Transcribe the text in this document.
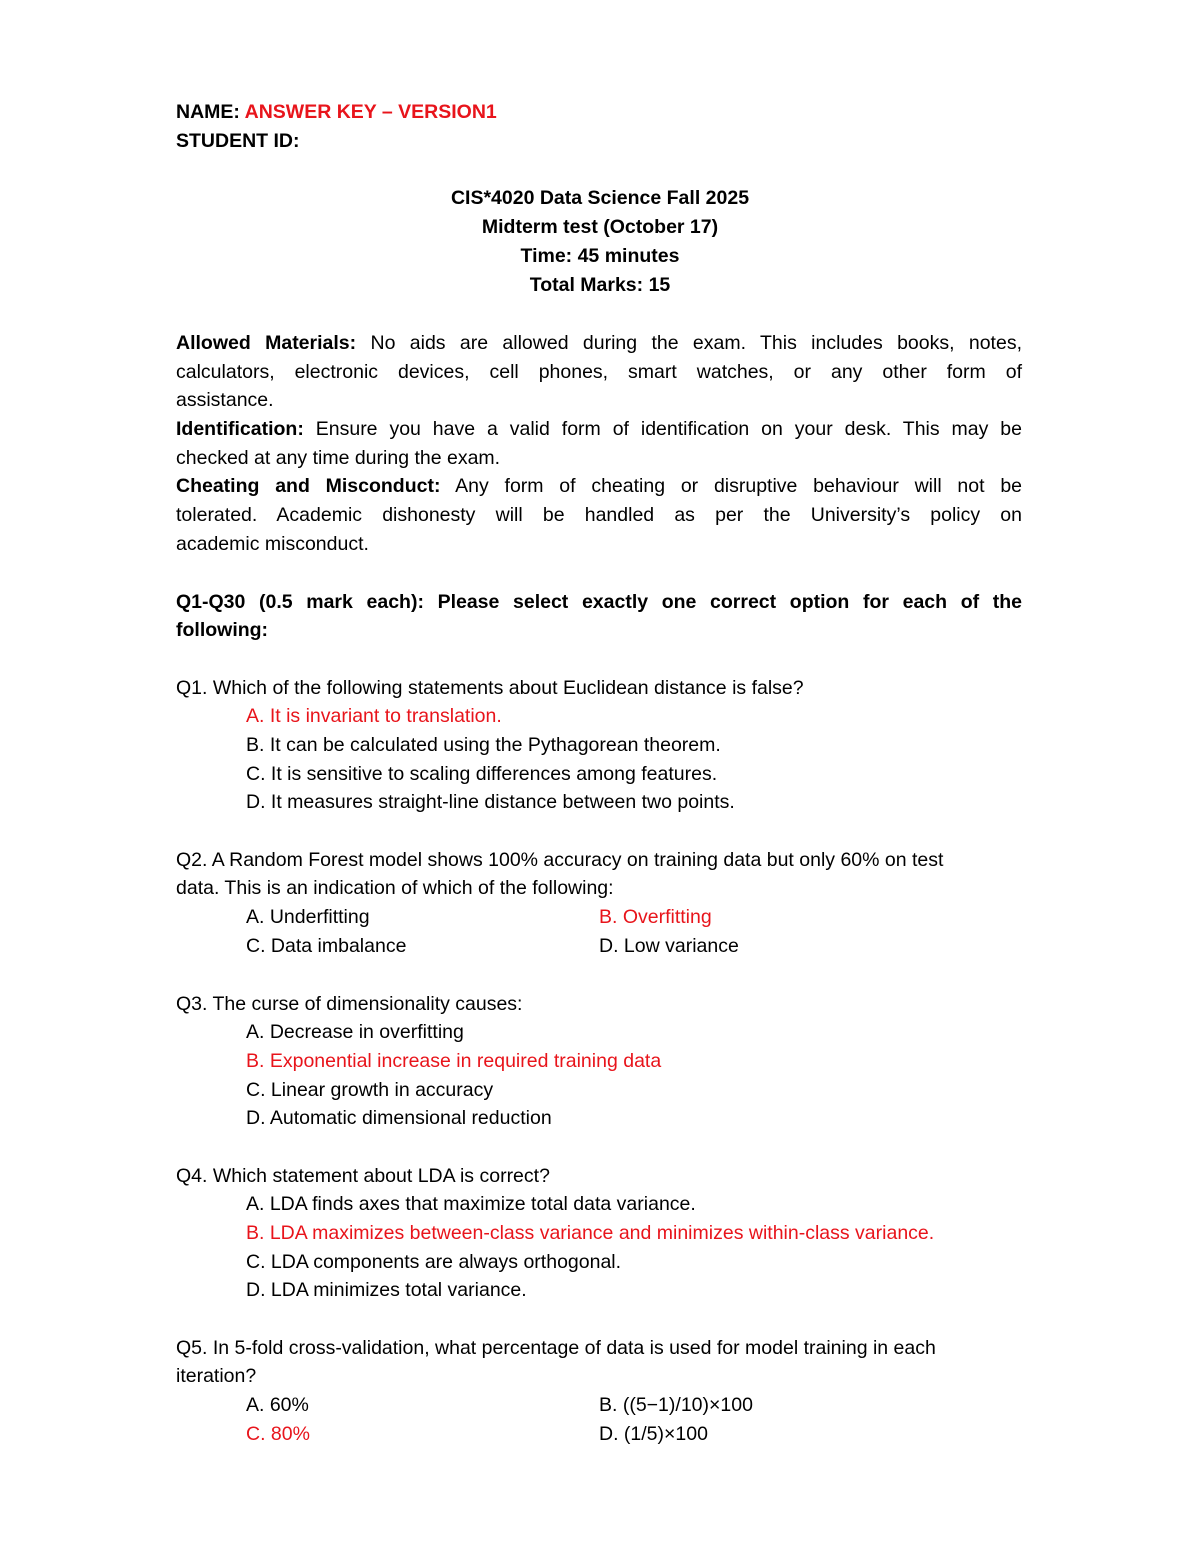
NAME: ANSWER KEY – VERSION1
STUDENT ID:
CIS*4020 Data Science Fall 2025
Midterm test (October 17)
Time: 45 minutes
Total Marks: 15
Allowed Materials: No aids are allowed during the exam. This includes books, notes,
calculators, electronic devices, cell phones, smart watches, or any other form of
assistance.
Identification: Ensure you have a valid form of identification on your desk. This may be
checked at any time during the exam.
Cheating and Misconduct: Any form of cheating or disruptive behaviour will not be
tolerated. Academic dishonesty will be handled as per the University’s policy on
academic misconduct.
Q1-Q30 (0.5 mark each): Please select exactly one correct option for each of the
following:
Q1. Which of the following statements about Euclidean distance is false?
A. It is invariant to translation.
B. It can be calculated using the Pythagorean theorem.
C. It is sensitive to scaling differences among features.
D. It measures straight-line distance between two points.
Q2. A Random Forest model shows 100% accuracy on training data but only 60% on test
data. This is an indication of which of the following:
A. Underfitting	B. Overfitting
C. Data imbalance	D. Low variance
Q3. The curse of dimensionality causes:
A. Decrease in overfitting
B. Exponential increase in required training data
C. Linear growth in accuracy
D. Automatic dimensional reduction
Q4. Which statement about LDA is correct?
A. LDA finds axes that maximize total data variance.
B. LDA maximizes between-class variance and minimizes within-class variance.
C. LDA components are always orthogonal.
D. LDA minimizes total variance.
Q5. In 5-fold cross-validation, what percentage of data is used for model training in each
iteration?
A. 60%	B. ((5−1)/10)×100
C. 80%	D. (1/5)×100
